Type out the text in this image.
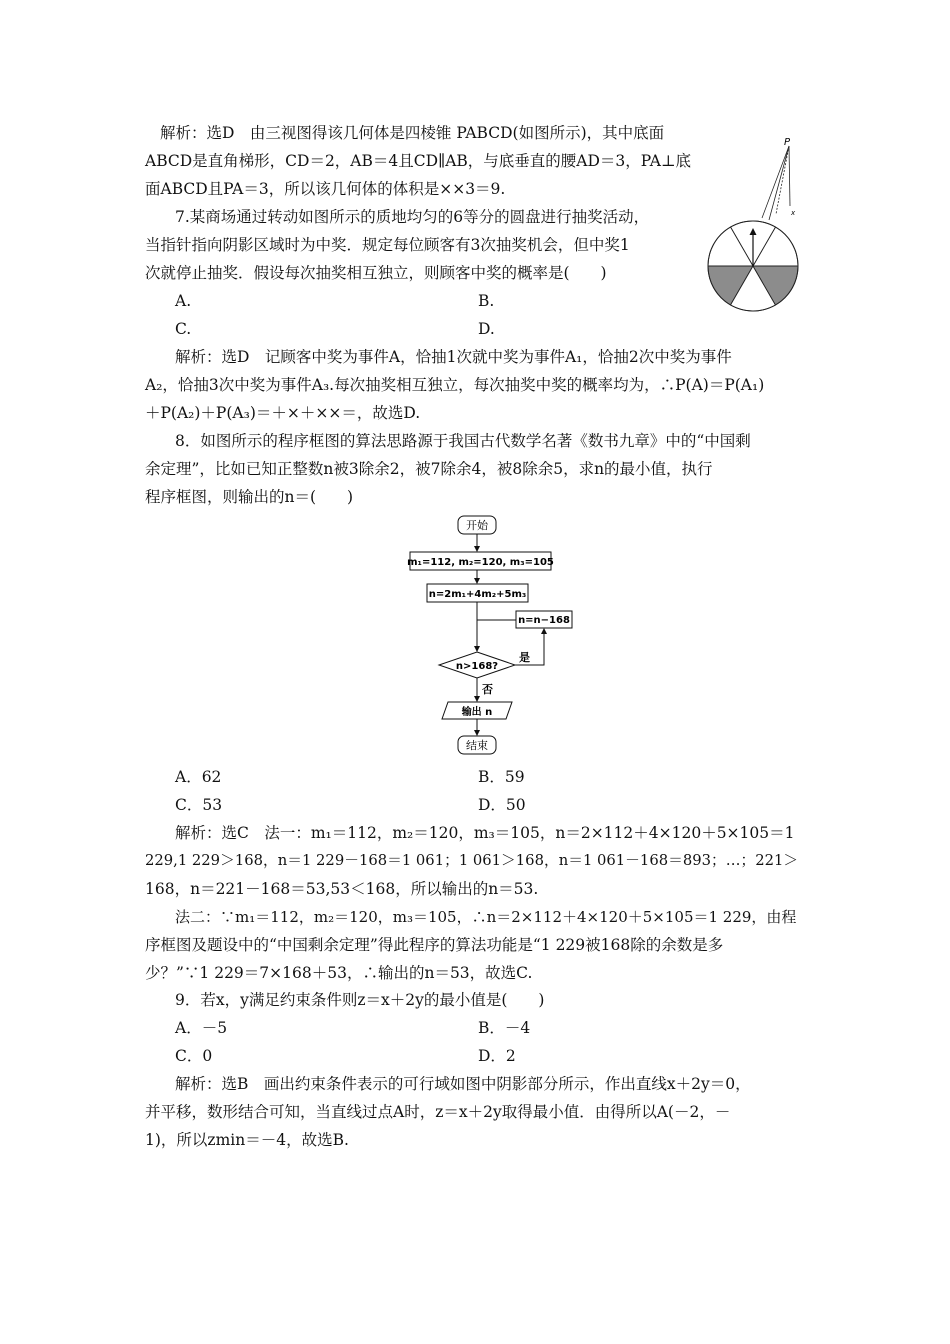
解析：选D　由三视图得该几何体是四棱锥 PABCD(如图所示)，其中底面
ABCD是直角梯形，CD＝2，AB＝4且CD∥AB，与底垂直的腰AD＝3，PA⊥底
面ABCD且PA＝3，所以该几何体的体积是××3＝9.
P
x
7.某商场通过转动如图所示的质地均匀的6等分的圆盘进行抽奖活动，
当指针指向阴影区域时为中奖．规定每位顾客有3次抽奖机会，但中奖1
次就停止抽奖．假设每次抽奖相互独立，则顾客中奖的概率是(　　)
A.	B.
C.	D.
解析：选D　记顾客中奖为事件A，恰抽1次就中奖为事件A₁，恰抽2次中奖为事件
A₂，恰抽3次中奖为事件A₃.每次抽奖相互独立，每次抽奖中奖的概率均为，∴P(A)＝P(A₁)
＋P(A₂)＋P(A₃)＝＋×＋××＝，故选D.
8．如图所示的程序框图的算法思路源于我国古代数学名著《数书九章》中的“中国剩
余定理”，比如已知正整数n被3除余2，被7除余4，被8除余5，求n的最小值，执行
程序框图，则输出的n＝(　　)
开始
m₁=112, m₂=120, m₃=105
n=2m₁+4m₂+5m₃
n=n−168
n>168?
是
否
输出 n
结束
A．62	B．59
C．53	D．50
解析：选C　法一：m₁＝112，m₂＝120，m₃＝105，n＝2×112＋4×120＋5×105＝1
229,1 229＞168，n＝1 229－168＝1 061；1 061＞168，n＝1 061－168＝893；…；221＞
168，n＝221－168＝53,53＜168，所以输出的n＝53.
法二：∵m₁＝112，m₂＝120，m₃＝105，∴n＝2×112＋4×120＋5×105＝1 229，由程
序框图及题设中的“中国剩余定理”得此程序的算法功能是“1 229被168除的余数是多
少？”∵1 229＝7×168＋53，∴输出的n＝53，故选C.
9．若x，y满足约束条件则z＝x＋2y的最小值是(　　)
A．－5	B．－4
C．0	D．2
解析：选B　画出约束条件表示的可行域如图中阴影部分所示，作出直线x＋2y＝0，
并平移，数形结合可知，当直线过点A时，z＝x＋2y取得最小值．由得所以A(－2，－
1)，所以zmin＝－4，故选B.
